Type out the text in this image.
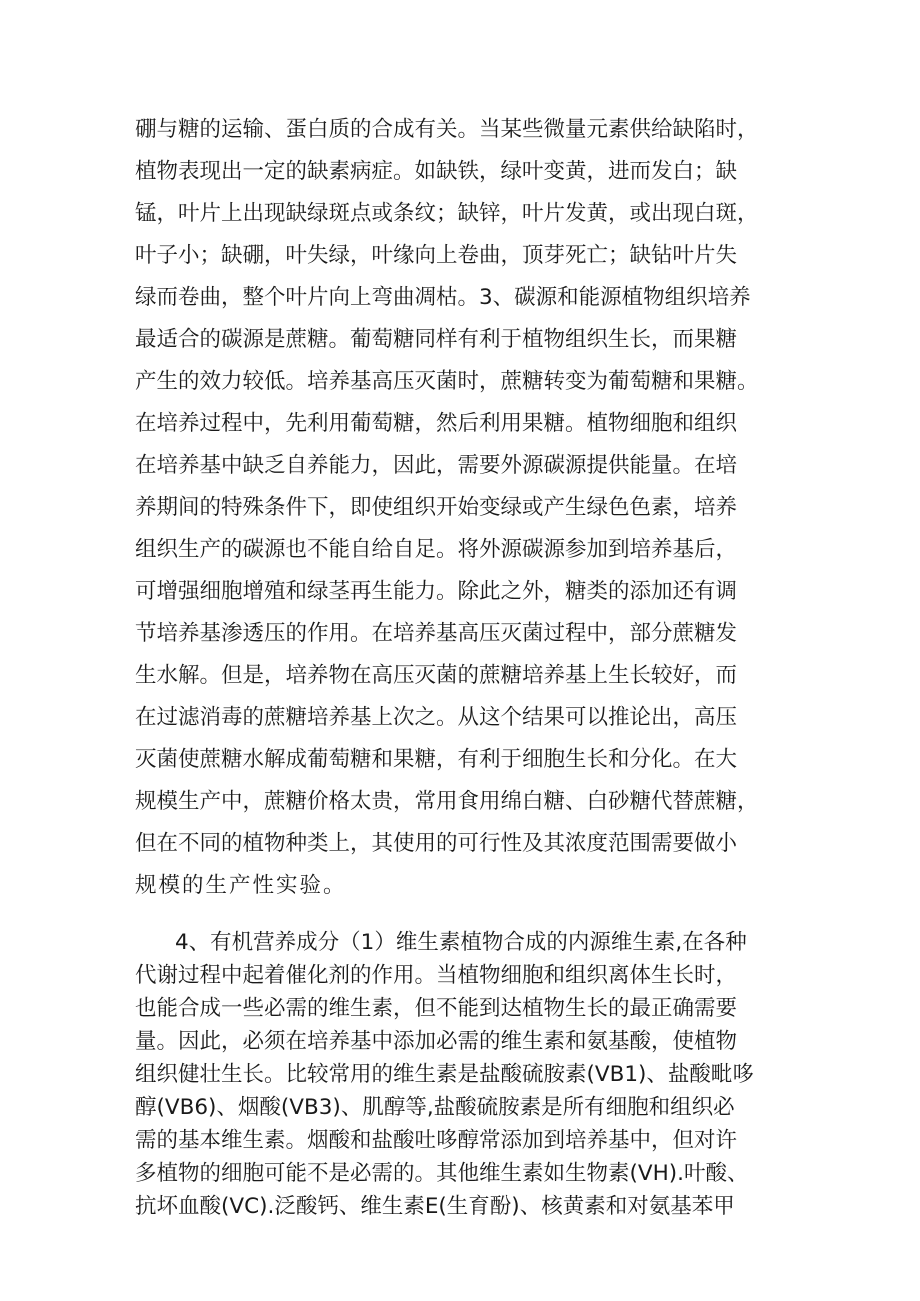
硼与糖的运输、蛋白质的合成有关。当某些微量元素供给缺陷时，
植物表现出一定的缺素病症。如缺铁，绿叶变黄，进而发白；缺
锰，叶片上出现缺绿斑点或条纹；缺锌，叶片发黄，或出现白斑，
叶子小；缺硼，叶失绿，叶缘向上卷曲，顶芽死亡；缺钻叶片失
绿而卷曲，整个叶片向上弯曲凋枯。3、碳源和能源植物组织培养
最适合的碳源是蔗糖。葡萄糖同样有利于植物组织生长，而果糖
产生的效力较低。培养基高压灭菌时，蔗糖转变为葡萄糖和果糖。
在培养过程中，先利用葡萄糖，然后利用果糖。植物细胞和组织
在培养基中缺乏自养能力，因此，需要外源碳源提供能量。在培
养期间的特殊条件下，即使组织开始变绿或产生绿色色素，培养
组织生产的碳源也不能自给自足。将外源碳源参加到培养基后，
可增强细胞增殖和绿茎再生能力。除此之外，糖类的添加还有调
节培养基渗透压的作用。在培养基高压灭菌过程中，部分蔗糖发
生水解。但是，培养物在高压灭菌的蔗糖培养基上生长较好，而
在过滤消毒的蔗糖培养基上次之。从这个结果可以推论出，高压
灭菌使蔗糖水解成葡萄糖和果糖，有利于细胞生长和分化。在大
规模生产中，蔗糖价格太贵，常用食用绵白糖、白砂糖代替蔗糖，
但在不同的植物种类上，其使用的可行性及其浓度范围需要做小
规模的生产性实验。
4、有机营养成分（1）维生素植物合成的内源维生素,在各种
代谢过程中起着催化剂的作用。当植物细胞和组织离体生长时，
也能合成一些必需的维生素，但不能到达植物生长的最正确需要
量。因此，必须在培养基中添加必需的维生素和氨基酸，使植物
组织健壮生长。比较常用的维生素是盐酸硫胺素(VB1)、盐酸毗哆
醇(VB6)、烟酸(VB3)、肌醇等,盐酸硫胺素是所有细胞和组织必
需的基本维生素。烟酸和盐酸吐哆醇常添加到培养基中，但对许
多植物的细胞可能不是必需的。其他维生素如生物素(VH).叶酸、
抗坏血酸(VC).泛酸钙、维生素E(生育酚)、核黄素和对氨基苯甲
